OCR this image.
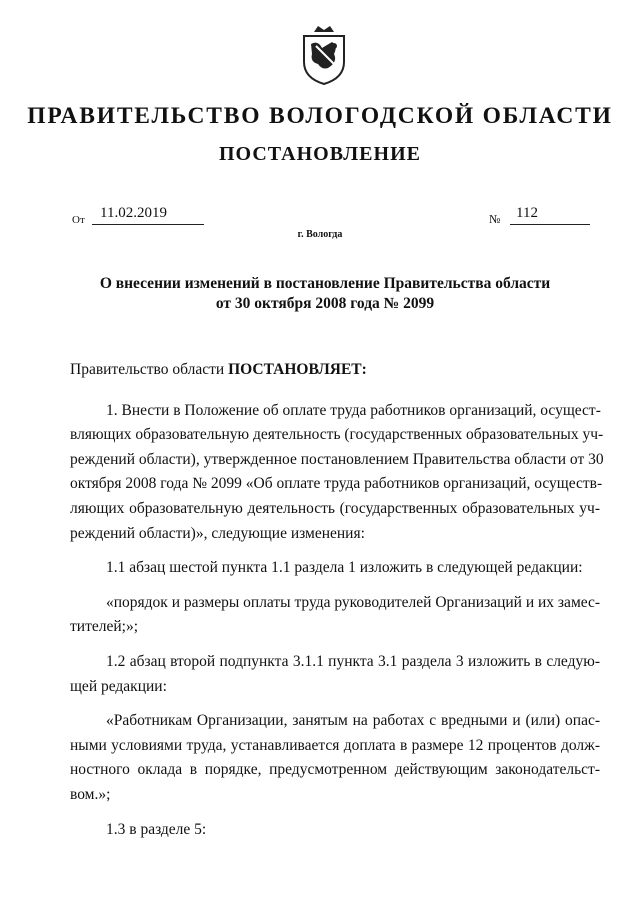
ПРАВИТЕЛЬСТВО ВОЛОГОДСКОЙ ОБЛАСТИ
ПОСТАНОВЛЕНИЕ
От	11.02.2019	№	112
г. Вологда
О внесении изменений в постановление Правительства области
от 30 октября 2008 года № 2099
Правительство области ПОСТАНОВЛЯЕТ:
1. Внести в Положение об оплате труда работников организаций, осущест-
вляющих образовательную деятельность (государственных образовательных уч-
реждений области), утвержденное постановлением Правительства области от 30
октября 2008 года № 2099 «Об оплате труда работников организаций, осуществ-
ляющих образовательную деятельность (государственных образовательных уч-
реждений области)», следующие изменения:
1.1 абзац шестой пункта 1.1 раздела 1 изложить в следующей редакции:
«порядок и размеры оплаты труда руководителей Организаций и их замес-
тителей;»;
1.2 абзац второй подпункта 3.1.1 пункта 3.1 раздела 3 изложить в следую-
щей редакции:
«Работникам Организации, занятым на работах с вредными и (или) опас-
ными условиями труда, устанавливается доплата в размере 12 процентов долж-
ностного оклада в порядке, предусмотренном действующим законодательст-
вом.»;
1.3 в разделе 5:
